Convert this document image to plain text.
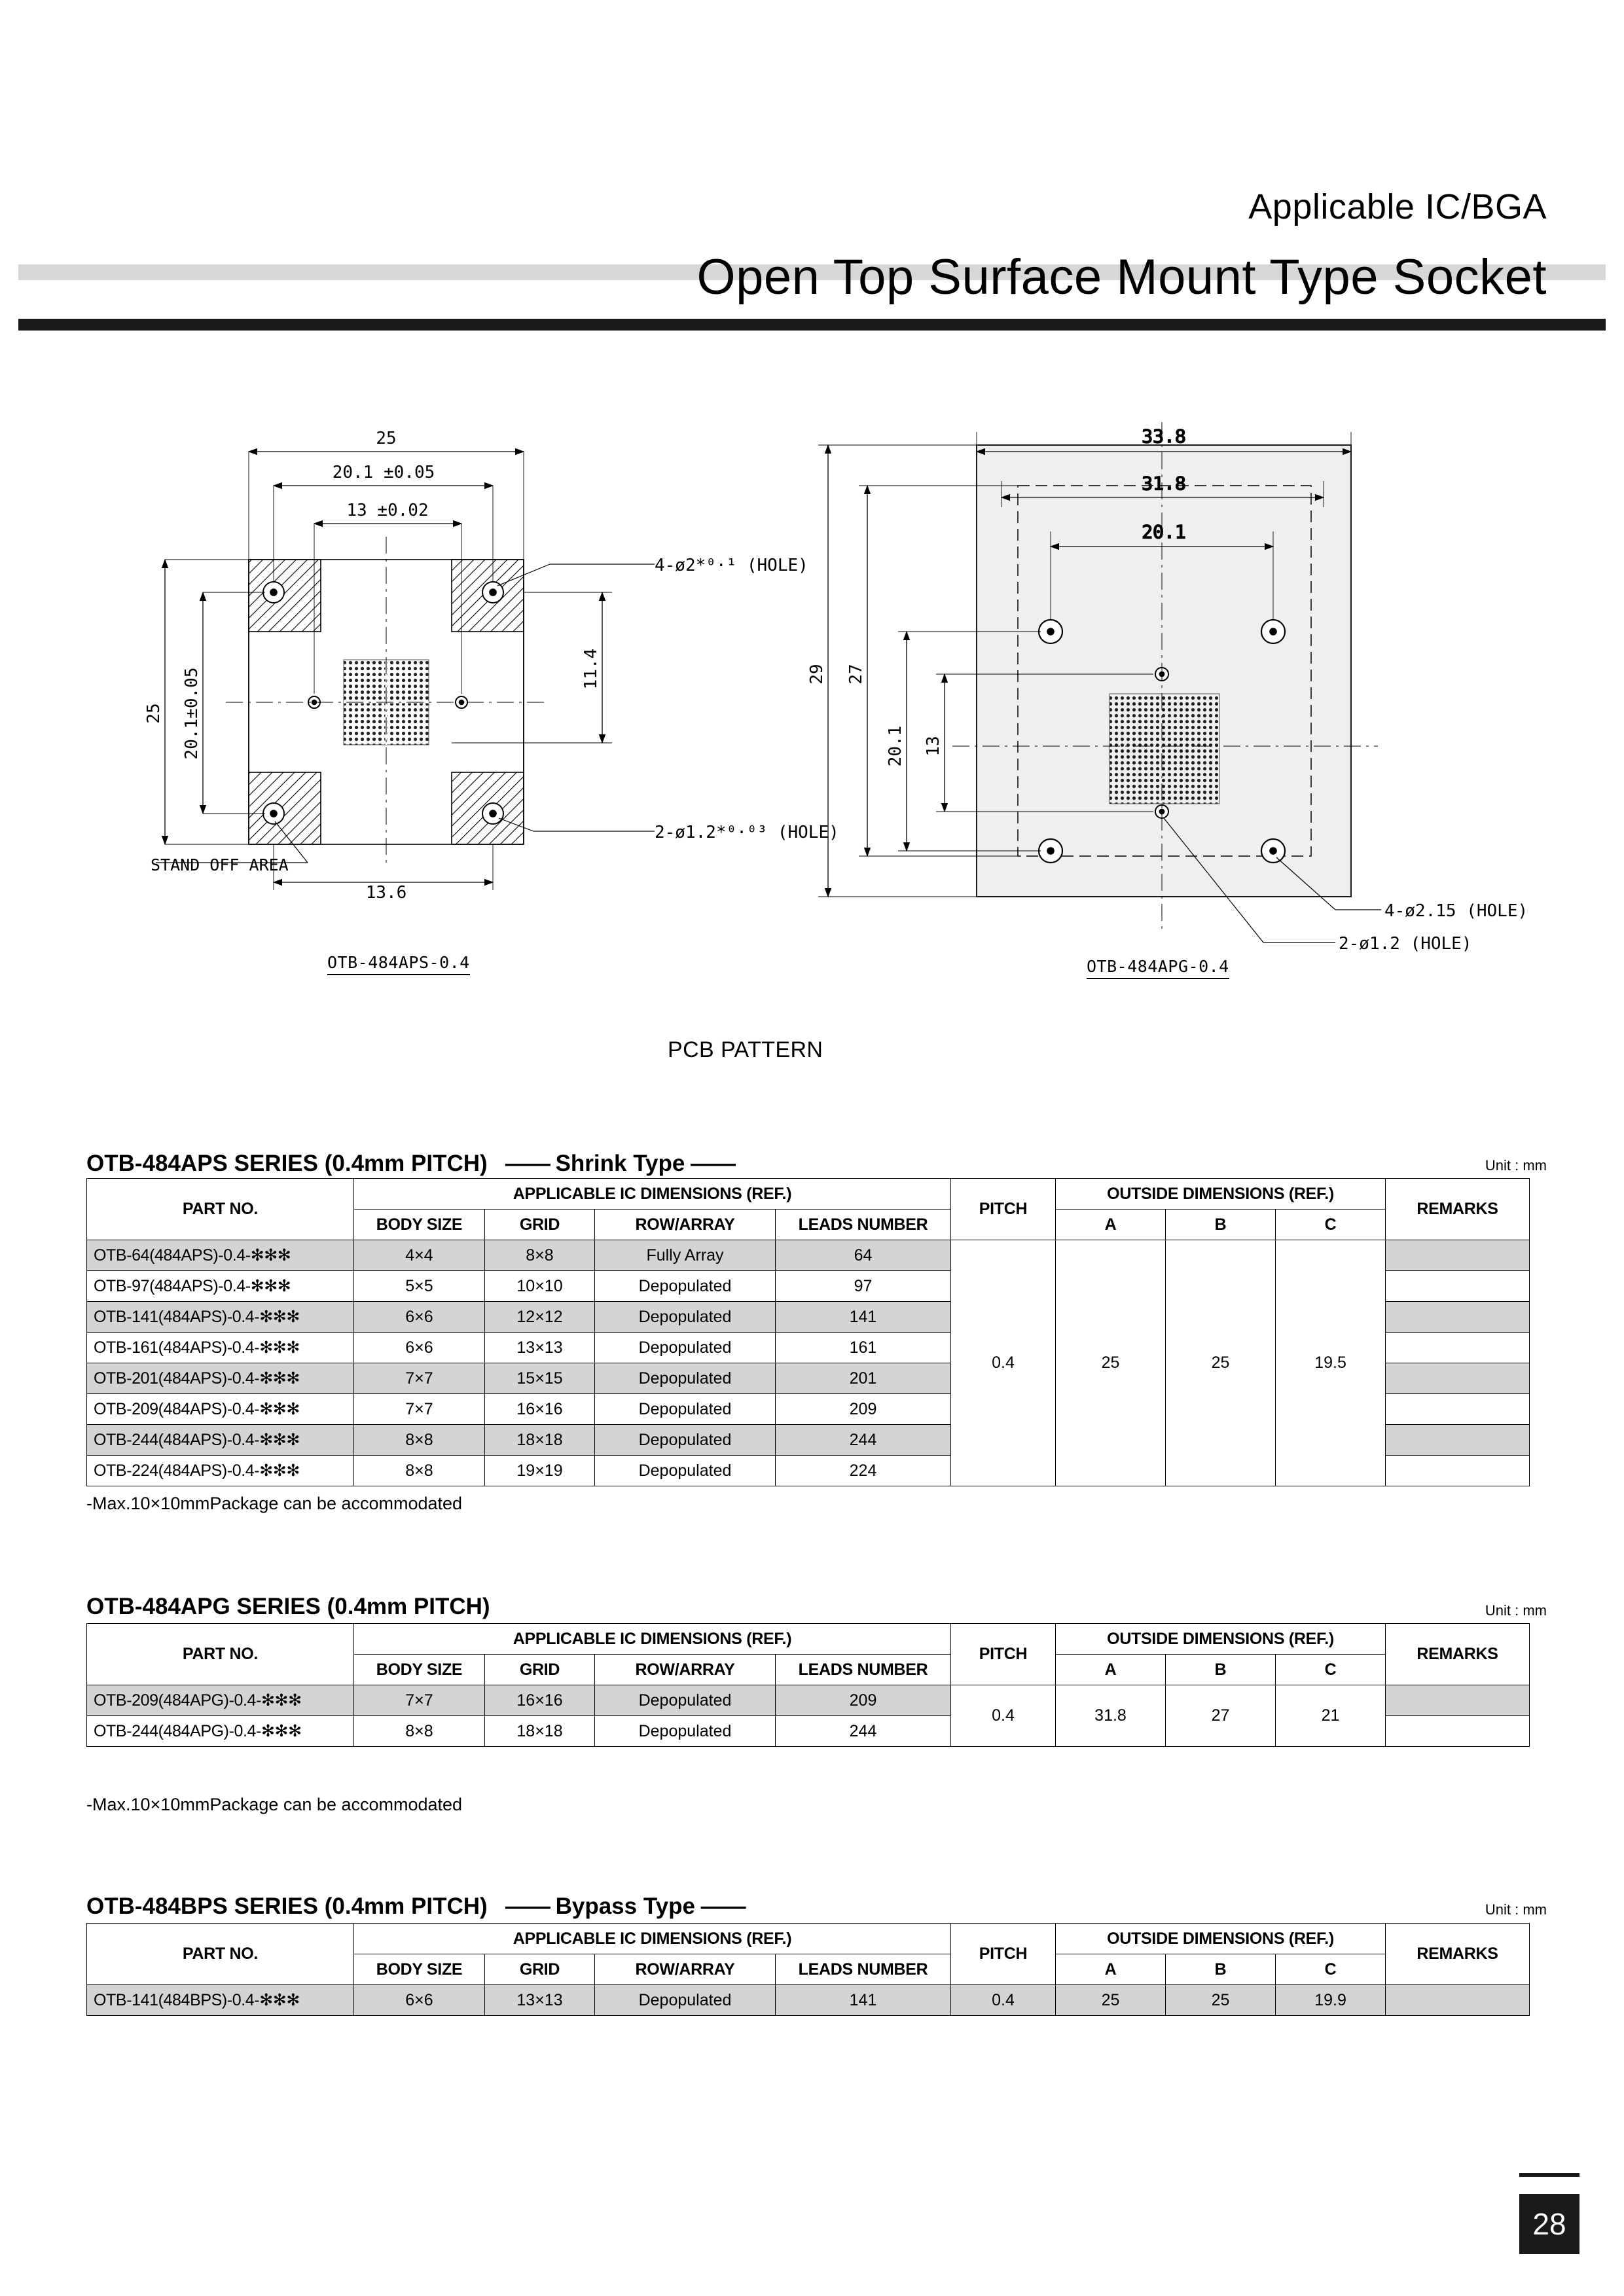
Applicable IC/BGA
Open Top Surface Mount Type Socket
33.8
31.8
20.1
25
20.1 ±0.05
13 ±0.02
4-ø2*⁰·¹ (HOLE)
2-ø1.2*⁰·⁰³ (HOLE)
13.6
25 20.1±0.05	11.4
STAND OFF AREA
29 27
20.1 13
4-ø2.15 (HOLE)
2-ø1.2 (HOLE)
OTB-484APS-0.4	OTB-484APG-0.4
PCB PATTERN
OTB-484APS SERIES (0.4mm PITCH)   —— Shrink Type ——	Unit : mm
PART NO.	APPLICABLE IC DIMENSIONS (REF.)				PITCH	OUTSIDE DIMENSIONS (REF.)			REMARKS
	BODY SIZE	GRID	ROW/ARRAY	LEADS NUMBER		A	B	C	
OTB-64(484APS)-0.4-✻✻✻	4×4	8×8	Fully Array	64	0.4	25	25	19.5	
OTB-97(484APS)-0.4-✻✻✻	5×5	10×10	Depopulated	97					
OTB-141(484APS)-0.4-✻✻✻	6×6	12×12	Depopulated	141					
OTB-161(484APS)-0.4-✻✻✻	6×6	13×13	Depopulated	161					
OTB-201(484APS)-0.4-✻✻✻	7×7	15×15	Depopulated	201					
OTB-209(484APS)-0.4-✻✻✻	7×7	16×16	Depopulated	209					
OTB-244(484APS)-0.4-✻✻✻	8×8	18×18	Depopulated	244					
OTB-224(484APS)-0.4-✻✻✻	8×8	19×19	Depopulated	224					
-Max.10×10mmPackage can be accommodated
OTB-484APG SERIES (0.4mm PITCH)	Unit : mm
PART NO.	APPLICABLE IC DIMENSIONS (REF.)				PITCH	OUTSIDE DIMENSIONS (REF.)			REMARKS
	BODY SIZE	GRID	ROW/ARRAY	LEADS NUMBER		A	B	C	
OTB-209(484APG)-0.4-✻✻✻	7×7	16×16	Depopulated	209	0.4	31.8	27	21	
OTB-244(484APG)-0.4-✻✻✻	8×8	18×18	Depopulated	244					
-Max.10×10mmPackage can be accommodated
OTB-484BPS SERIES (0.4mm PITCH)   —— Bypass Type ——	Unit : mm
PART NO.	APPLICABLE IC DIMENSIONS (REF.)				PITCH	OUTSIDE DIMENSIONS (REF.)			REMARKS
	BODY SIZE	GRID	ROW/ARRAY	LEADS NUMBER		A	B	C	
OTB-141(484BPS)-0.4-✻✻✻	6×6	13×13	Depopulated	141	0.4	25	25	19.9	
28
